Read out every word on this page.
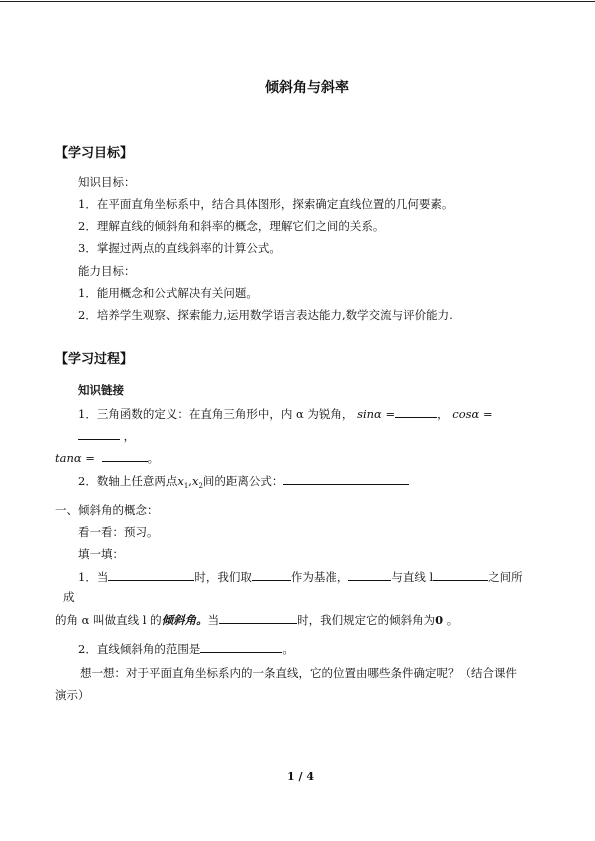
倾斜角与斜率
【学习目标】
知识目标：
1．在平面直角坐标系中，结合具体图形，探索确定直线位置的几何要素。
2．理解直线的倾斜角和斜率的概念，理解它们之间的关系。
3．掌握过两点的直线斜率的计算公式。
能力目标：
1．能用概念和公式解决有关问题。
2．培养学生观察、探索能力,运用数学语言表达能力,数学交流与评价能力.
【学习过程】
知识链接
1．三角函数的定义：在直角三角形中，内 α 为锐角， sinα =	， cosα =
，
tanα =	。
2．数轴上任意两点$x_1,x_2$间的距离公式：
一、倾斜角的概念：
看一看：预习。
填一填：
1．当	时，我们取	作为基准，	与直线 l	之间所
成
的角 α 叫做直线 l 的倾斜角。当	时，我们规定它的倾斜角为0 。
2．直线倾斜角的范围是	。
想一想：对于平面直角坐标系内的一条直线，它的位置由哪些条件确定呢？（结合课件
演示）
1 / 4
